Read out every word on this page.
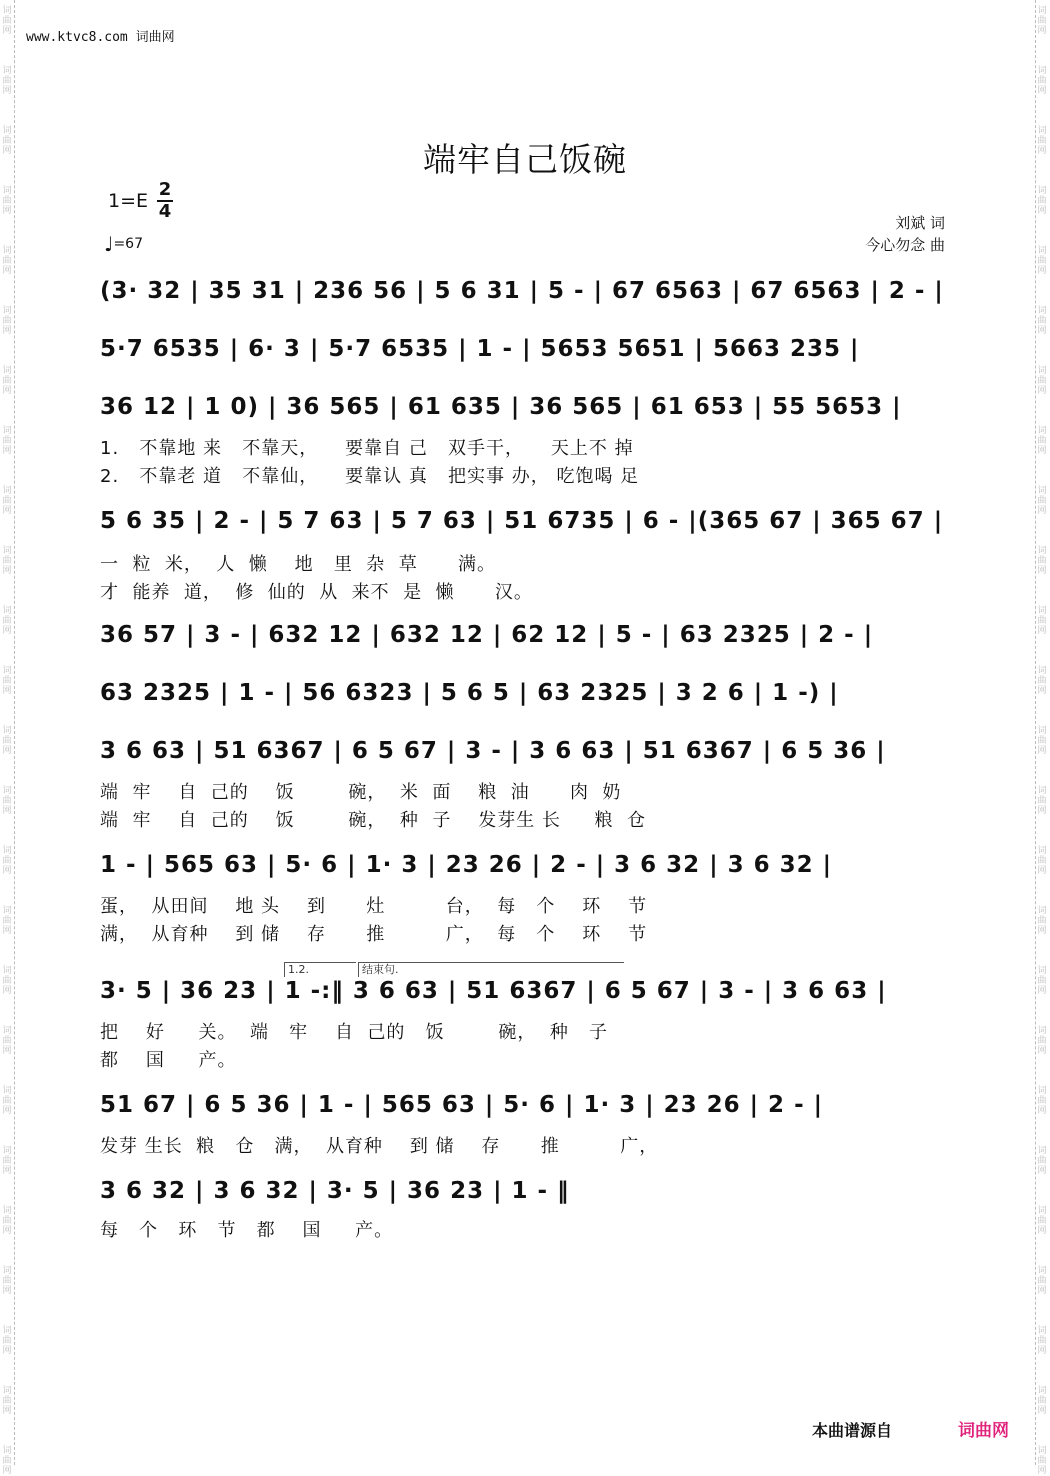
词
曲
网
词
曲
网
词
曲
网
词
曲
网
词
曲
网
词
曲
网
词
曲
网
词
曲
网
词
曲
网
词
曲
网
词
曲
网
词
曲
网
词
曲
网
词
曲
网
词
曲
网
词
曲
网
词
曲
网
词
曲
网
词
曲
网
词
曲
网
词
曲
网
词
曲
网
词
曲
网
词
曲
网
词
曲
网
词
曲
网
词
曲
网
词
曲
网
词
曲
网
词
曲
网
词
曲
网
词
曲
网
词
曲
网
词
曲
网
词
曲
网
词
曲
网
词
曲
网
词
曲
网
词
曲
网
词
曲
网
词
曲
网
词
曲
网
词
曲
网
词
曲
网
词
曲
网
词
曲
网
词
曲
网
词
曲
网
词
曲
网
词
曲
网
www.ktvc8.com 词曲网
端牢自己饭碗
1=E
2
4
♩=67
刘斌 词
今心勿念 曲
(3· 32 | 35 31 | 236 56 | 5 6 31 | 5 - | 67 6563 | 67 6563 | 2 - |
5·7 6535 | 6· 3 | 5·7 6535 | 1 - | 5653 5651 | 5663 235 |
36 12 | 1 0) | 36 565 | 61 635 | 36 565 | 61 653 | 55 5653 |
5 6 35 | 2 - | 5 7 63 | 5 7 63 | 51 6735 | 6 - |(365 67 | 365 67 |
36 57 | 3 - | 632 12 | 632 12 | 62 12 | 5 - | 63 2325 | 2 - |
63 2325 | 1 - | 56 6323 | 5 6 5 | 63 2325 | 3 2 6 | 1 -) |
3 6 63 | 51 6367 | 6 5 67 | 3 - | 3 6 63 | 51 6367 | 6 5 36 |
1 - | 565 63 | 5· 6 | 1· 3 | 23 26 | 2 - | 3 6 32 | 3 6 32 |
3· 5 | 36 23 | 1 -:‖ 3 6 63 | 51 6367 | 6 5 67 | 3 - | 3 6 63 |
51 67 | 6 5 36 | 1 - | 565 63 | 5· 6 | 1· 3 | 23 26 | 2 - |
3 6 32 | 3 6 32 | 3· 5 | 36 23 | 1 - ‖
1.   不靠地 来   不靠天，    要靠自 己   双手干，    天上不 掉
2.   不靠老 道   不靠仙，    要靠认 真   把实事 办， 吃饱喝 足
一  粒  米，  人  懒    地   里  杂  草      满。
才  能养  道，  修  仙的  从  来不  是  懒      汉。
端  牢    自  己的    饭        碗，  米  面    粮  油      肉  奶
端  牢    自  己的    饭        碗，  种  子    发芽生 长     粮  仓
蛋，  从田间    地 头    到      灶         台，  每   个    环    节
满，  从育种    到 储    存      推         广，  每   个    环    节
把    好     关。  端   牢    自  己的   饭        碗，  种   子
都    国     产。
发芽 生长  粮   仓   满，  从育种    到 储    存      推         广，
每   个   环   节   都    国     产。
1.2.	结束句.
本曲谱源自	词曲网
